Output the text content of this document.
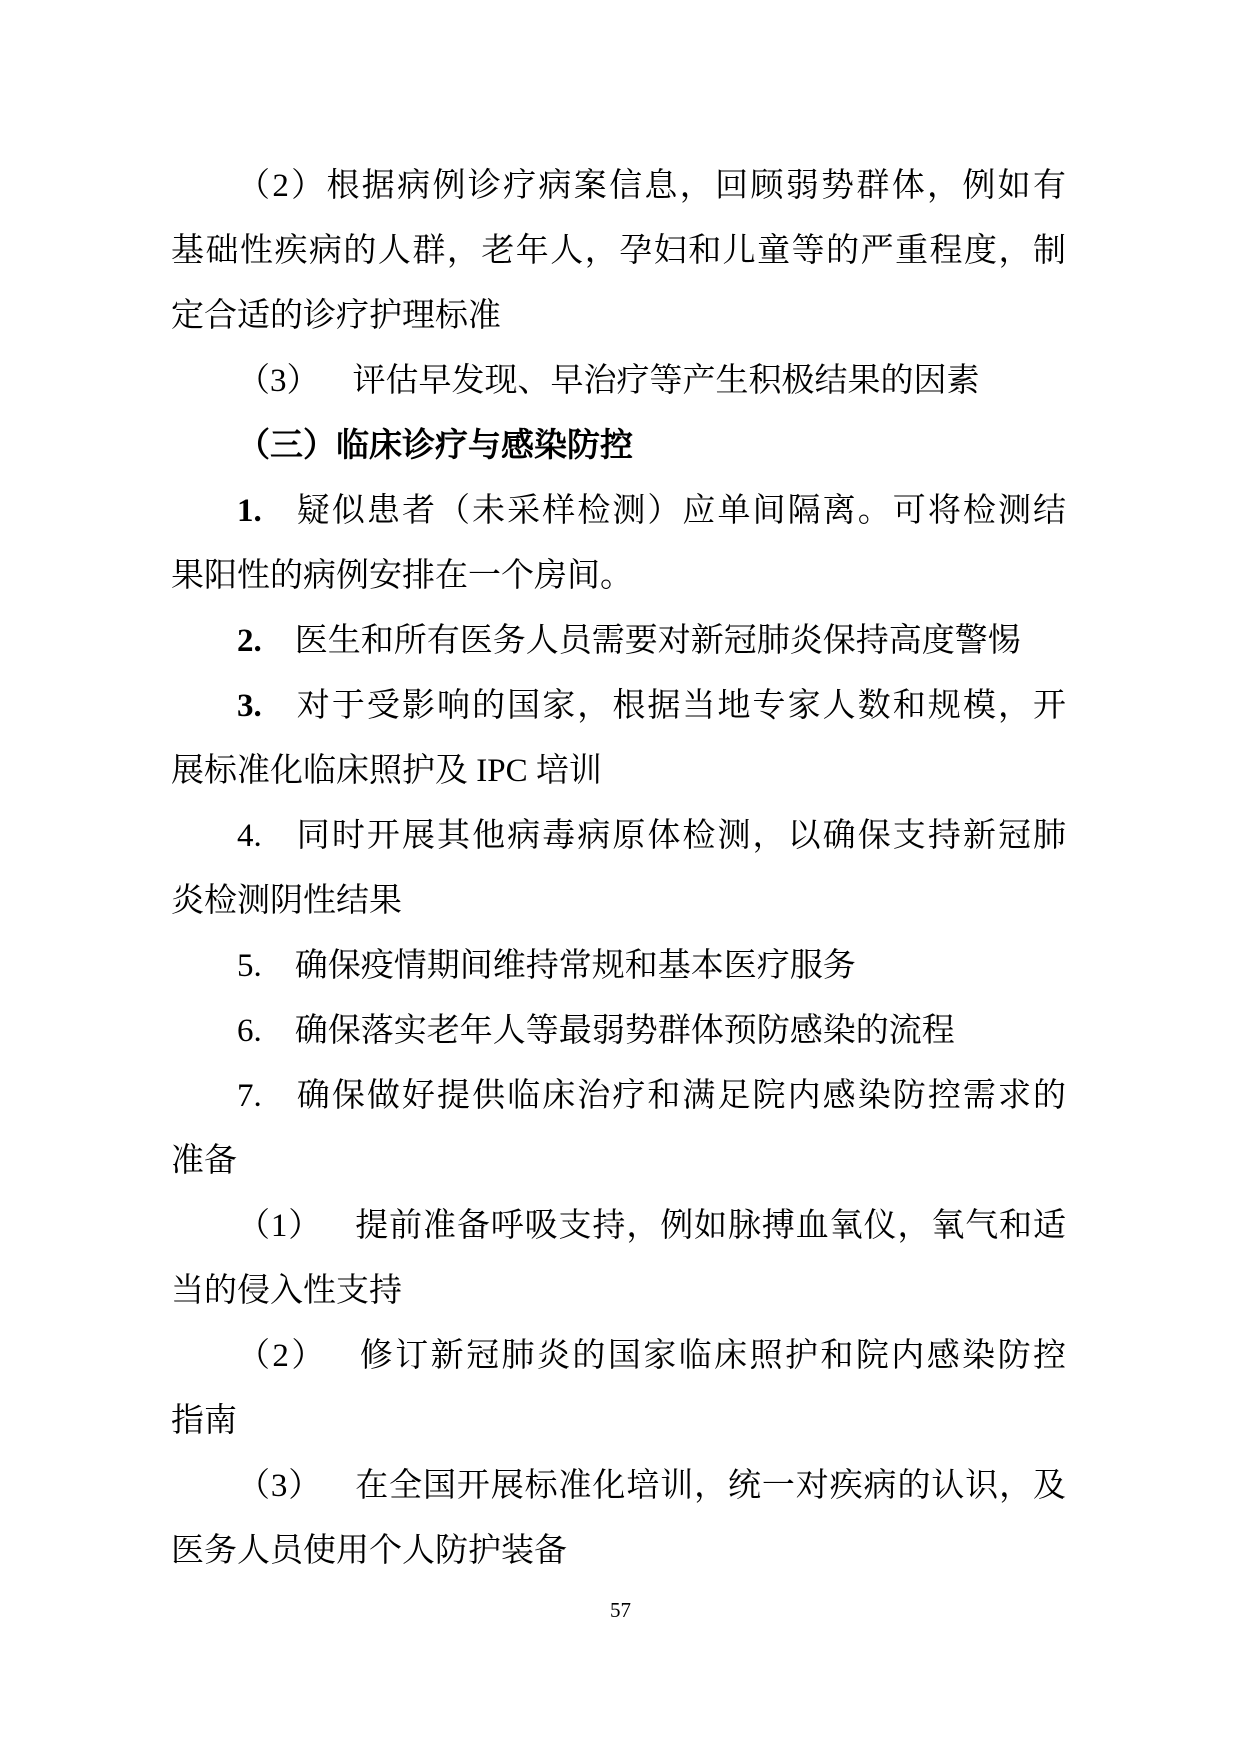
（2）根据病例诊疗病案信息，回顾弱势群体，例如有
基础性疾病的人群，老年人，孕妇和儿童等的严重程度，制
定合适的诊疗护理标准
（3） 评估早发现、早治疗等产生积极结果的因素
（三）临床诊疗与感染防控
1. 疑似患者（未采样检测）应单间隔离。可将检测结
果阳性的病例安排在一个房间。
2. 医生和所有医务人员需要对新冠肺炎保持高度警惕
3. 对于受影响的国家，根据当地专家人数和规模，开
展标准化临床照护及 IPC 培训
4. 同时开展其他病毒病原体检测，以确保支持新冠肺
炎检测阴性结果
5. 确保疫情期间维持常规和基本医疗服务
6. 确保落实老年人等最弱势群体预防感染的流程
7. 确保做好提供临床治疗和满足院内感染防控需求的
准备
（1） 提前准备呼吸支持，例如脉搏血氧仪，氧气和适
当的侵入性支持
（2） 修订新冠肺炎的国家临床照护和院内感染防控
指南
（3） 在全国开展标准化培训，统一对疾病的认识，及
医务人员使用个人防护装备
57
